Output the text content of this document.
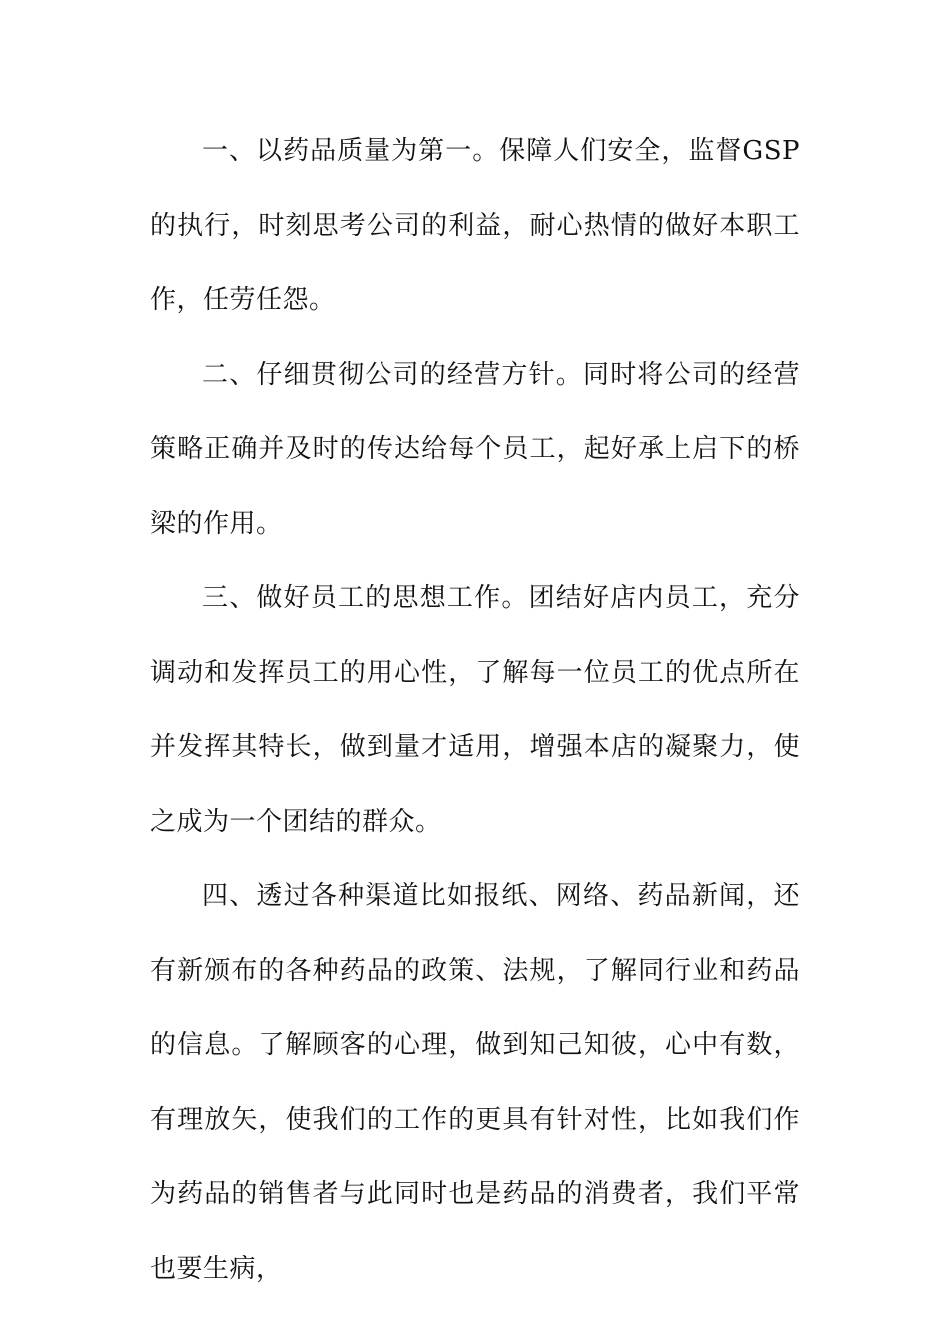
一、以药品质量为第一。保障人们安全，监督GSP的执行，时刻思考公司的利益，耐心热情的做好本职工作，任劳任怨。

二、仔细贯彻公司的经营方针。同时将公司的经营策略正确并及时的传达给每个员工，起好承上启下的桥梁的作用。

三、做好员工的思想工作。团结好店内员工，充分调动和发挥员工的用心性，了解每一位员工的优点所在并发挥其特长，做到量才适用，增强本店的凝聚力，使之成为一个团结的群众。

四、透过各种渠道比如报纸、网络、药品新闻，还有新颁布的各种药品的政策、法规，了解同行业和药品的信息。了解顾客的心理，做到知己知彼，心中有数，有理放矢，使我们的工作的更具有针对性，比如我们作为药品的销售者与此同时也是药品的消费者，我们平常也要生病，
